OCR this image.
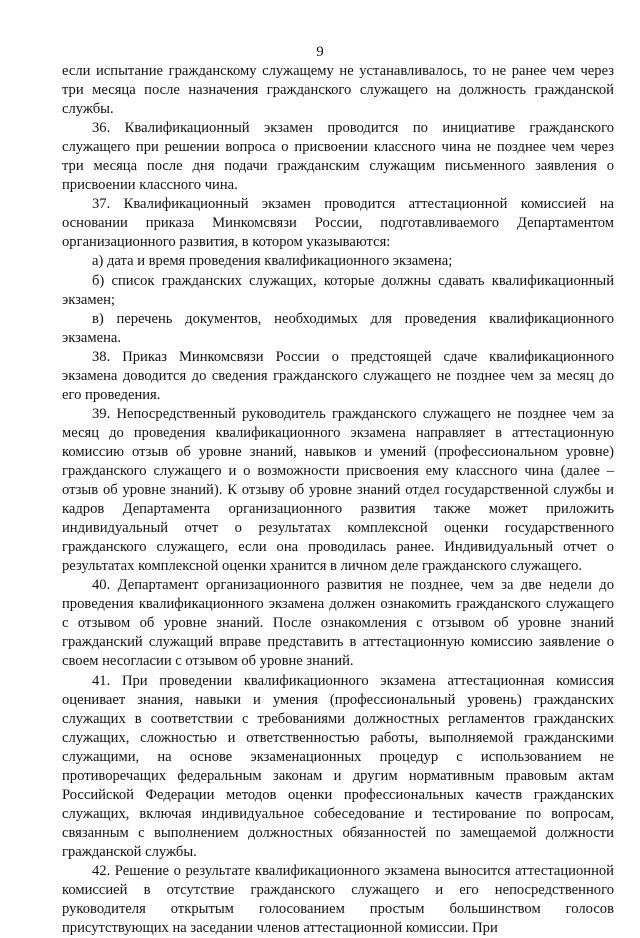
9

если испытание гражданскому служащему не устанавливалось, то не ранее чем через три месяца после назначения гражданского служащего на должность гражданской службы.

36. Квалификационный экзамен проводится по инициативе гражданского служащего при решении вопроса о присвоении классного чина не позднее чем через три месяца после дня подачи гражданским служащим письменного заявления о присвоении классного чина.

37. Квалификационный экзамен проводится аттестационной комиссией на основании приказа Минкомсвязи России, подготавливаемого Департаментом организационного развития, в котором указываются:

а) дата и время проведения квалификационного экзамена;

б) список гражданских служащих, которые должны сдавать квалификационный экзамен;

в) перечень документов, необходимых для проведения квалификационного экзамена.

38. Приказ Минкомсвязи России о предстоящей сдаче квалификационного экзамена доводится до сведения гражданского служащего не позднее чем за месяц до его проведения.

39. Непосредственный руководитель гражданского служащего не позднее чем за месяц до проведения квалификационного экзамена направляет в аттестационную комиссию отзыв об уровне знаний, навыков и умений (профессиональном уровне) гражданского служащего и о возможности присвоения ему классного чина (далее – отзыв об уровне знаний). К отзыву об уровне знаний отдел государственной службы и кадров Департамента организационного развития также может приложить индивидуальный отчет о результатах комплексной оценки государственного гражданского служащего, если она проводилась ранее. Индивидуальный отчет о результатах комплексной оценки хранится в личном деле гражданского служащего.

40. Департамент организационного развития не позднее, чем за две недели до проведения квалификационного экзамена должен ознакомить гражданского служащего с отзывом об уровне знаний. После ознакомления с отзывом об уровне знаний гражданский служащий вправе представить в аттестационную комиссию заявление о своем несогласии с отзывом об уровне знаний.

41. При проведении квалификационного экзамена аттестационная комиссия оценивает знания, навыки и умения (профессиональный уровень) гражданских служащих в соответствии с требованиями должностных регламентов гражданских служащих, сложностью и ответственностью работы, выполняемой гражданскими служащими, на основе экзаменационных процедур с использованием не противоречащих федеральным законам и другим нормативным правовым актам Российской Федерации методов оценки профессиональных качеств гражданских служащих, включая индивидуальное собеседование и тестирование по вопросам, связанным с выполнением должностных обязанностей по замещаемой должности гражданской службы.

42. Решение о результате квалификационного экзамена выносится аттестационной комиссией в отсутствие гражданского служащего и его непосредственного руководителя открытым голосованием простым большинством голосов присутствующих на заседании членов аттестационной комиссии. При
